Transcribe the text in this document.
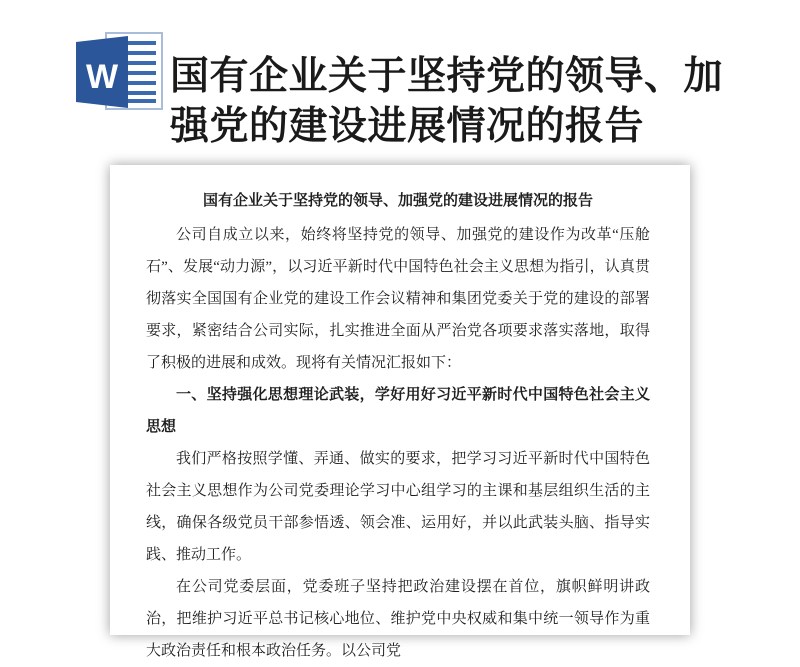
W 国有企业关于坚持党的领导、加强党的建设进展情况的报告

国有企业关于坚持党的领导、加强党的建设进展情况的报告

公司自成立以来，始终将坚持党的领导、加强党的建设作为改革“压舱石”、发展“动力源”，以习近平新时代中国特色社会主义思想为指引，认真贯彻落实全国国有企业党的建设工作会议精神和集团党委关于党的建设的部署要求，紧密结合公司实际，扎实推进全面从严治党各项要求落实落地，取得了积极的进展和成效。现将有关情况汇报如下：

一、坚持强化思想理论武装，学好用好习近平新时代中国特色社会主义思想

我们严格按照学懂、弄通、做实的要求，把学习习近平新时代中国特色社会主义思想作为公司党委理论学习中心组学习的主课和基层组织生活的主线，确保各级党员干部参悟透、领会准、运用好，并以此武装头脑、指导实践、推动工作。

在公司党委层面，党委班子坚持把政治建设摆在首位，旗帜鲜明讲政治，把维护习近平总书记核心地位、维护党中央权威和集中统一领导作为重大政治责任和根本政治任务。以公司党
